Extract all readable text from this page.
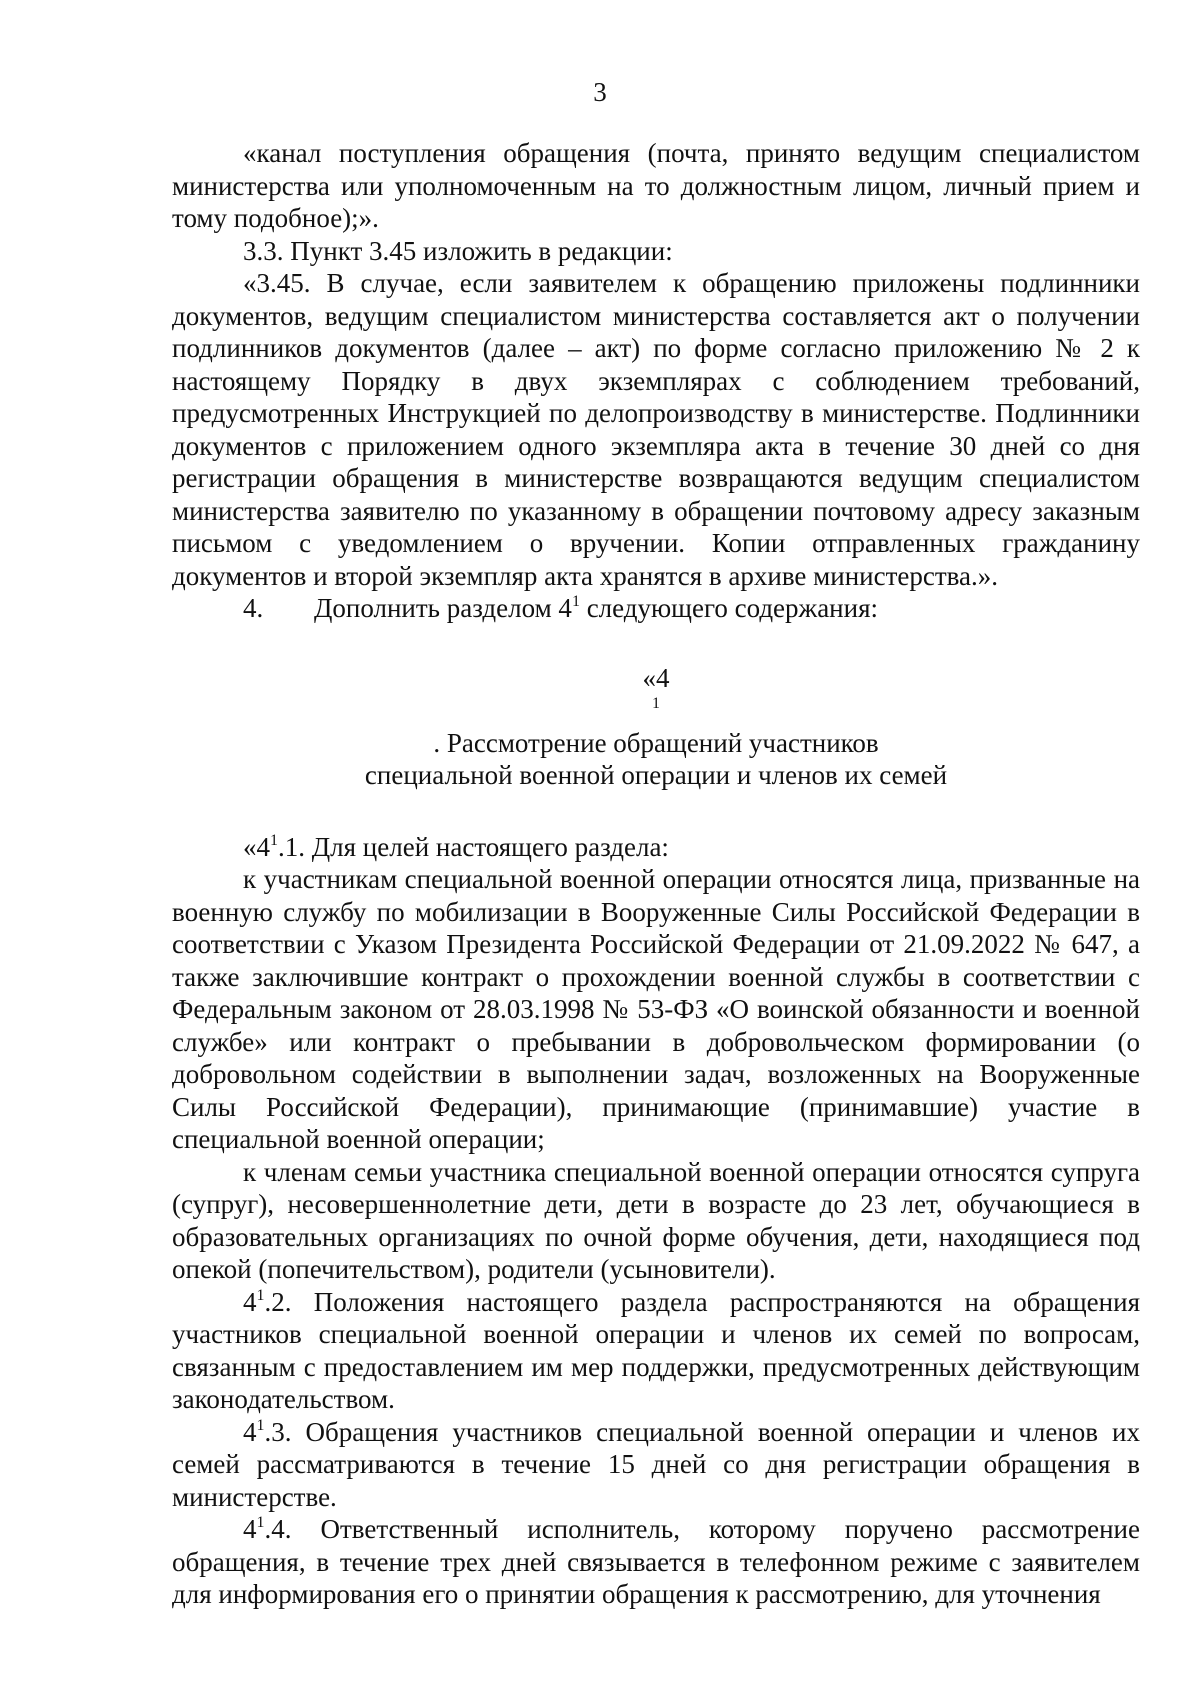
3

«канал поступления обращения (почта, принято ведущим специалистом министерства или уполномоченным на то должностным лицом, личный прием и тому подобное);».

3.3. Пункт 3.45 изложить в редакции:

«3.45. В случае, если заявителем к обращению приложены подлинники документов, ведущим специалистом министерства составляется акт о получении подлинников документов (далее – акт) по форме согласно приложению № 2 к настоящему Порядку в двух экземплярах с соблюдением требований, предусмотренных Инструкцией по делопроизводству в министерстве. Подлинники документов с приложением одного экземпляра акта в течение 30 дней со дня регистрации обращения в министерстве возвращаются ведущим специалистом министерства заявителю по указанному в обращении почтовому адресу заказным письмом с уведомлением о вручении. Копии отправленных гражданину документов и второй экземпляр акта хранятся в архиве министерства.».

4. Дополнить разделом $4^1$ следующего содержания:

«4
$^1$
. Рассмотрение обращений участников
специальной военной операции и членов их семей

«$4^1.1$. Для целей настоящего раздела:

к участникам специальной военной операции относятся лица, призванные на военную службу по мобилизации в Вооруженные Силы Российской Федерации в соответствии с Указом Президента Российской Федерации от 21.09.2022 № 647, а также заключившие контракт о прохождении военной службы в соответствии с Федеральным законом от 28.03.1998 № 53-ФЗ «О воинской обязанности и военной службе» или контракт о пребывании в добровольческом формировании (о добровольном содействии в выполнении задач, возложенных на Вооруженные Силы Российской Федерации), принимающие (принимавшие) участие в специальной военной операции;

к членам семьи участника специальной военной операции относятся супруга (супруг), несовершеннолетние дети, дети в возрасте до 23 лет, обучающиеся в образовательных организациях по очной форме обучения, дети, находящиеся под опекой (попечительством), родители (усыновители).

$4^1.2$. Положения настоящего раздела распространяются на обращения участников специальной военной операции и членов их семей по вопросам, связанным с предоставлением им мер поддержки, предусмотренных действующим законодательством.

$4^1.3$. Обращения участников специальной военной операции и членов их семей рассматриваются в течение 15 дней со дня регистрации обращения в министерстве.

$4^1.4$. Ответственный исполнитель, которому поручено рассмотрение обращения, в течение трех дней связывается в телефонном режиме с заявителем для информирования его о принятии обращения к рассмотрению, для уточнения
